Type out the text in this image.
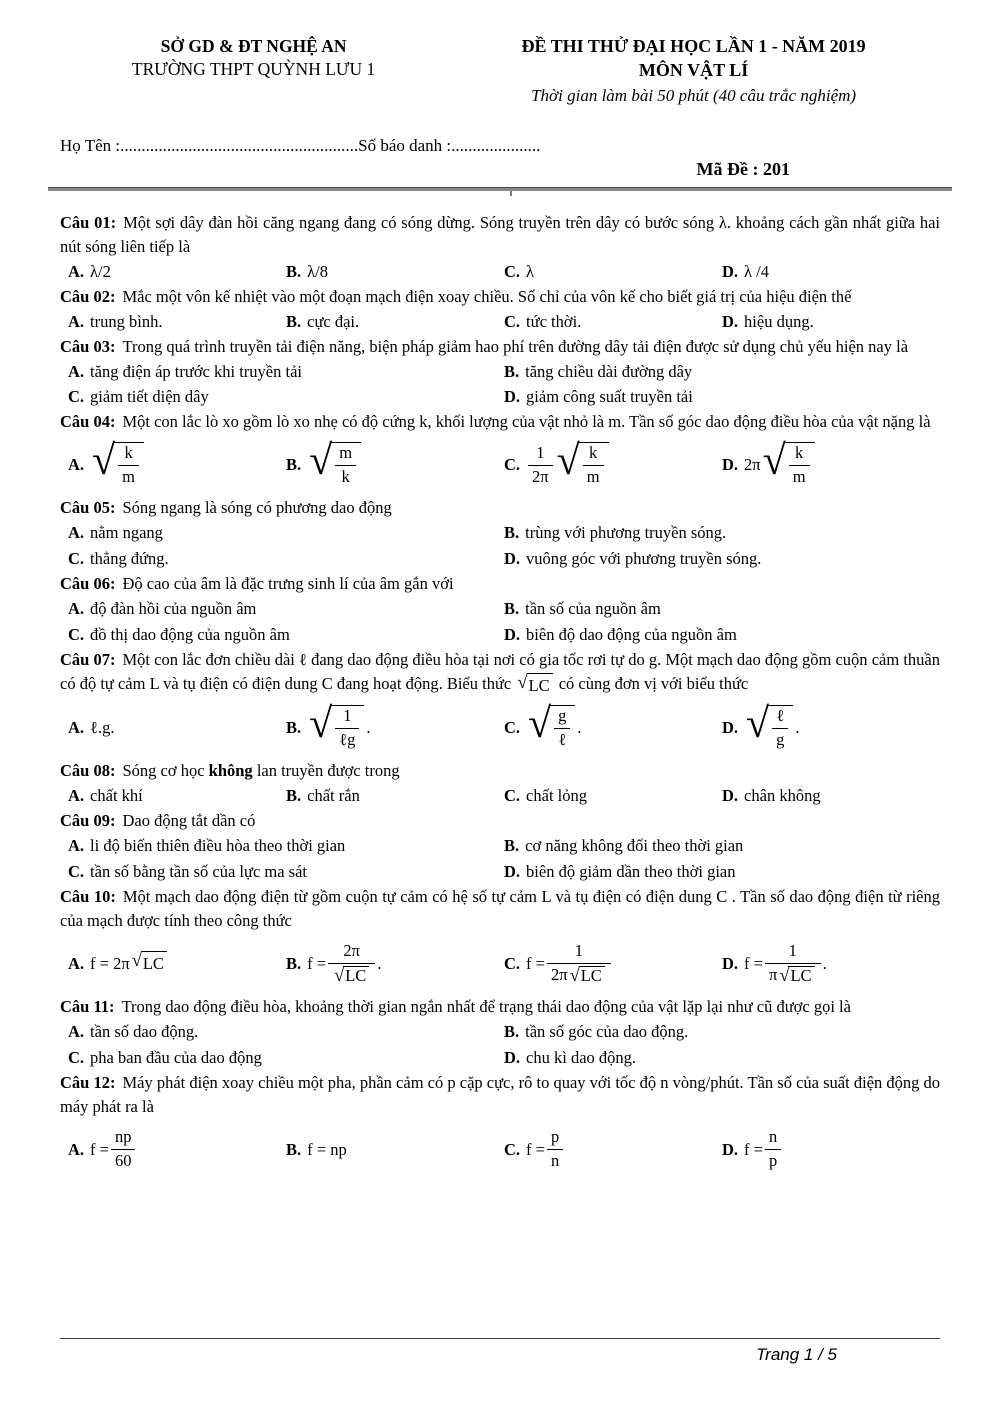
SỞ GD & ĐT NGHỆ AN
TRƯỜNG THPT QUỲNH LƯU 1
ĐỀ THI THỬ ĐẠI HỌC LẦN 1 - NĂM 2019
MÔN VẬT LÍ
Thời gian làm bài 50 phút (40 câu trắc nghiệm)
Họ Tên :........................................................Số báo danh :.....................
Mã Đề : 201

Câu 01: Một sợi dây đàn hồi căng ngang đang có sóng dừng. Sóng truyền trên dây có bước sóng λ. khoảng cách gần nhất giữa hai nút sóng liên tiếp là

A. λ/2	B. λ/8	C. λ	D. λ /4

Câu 02: Mắc một vôn kế nhiệt vào một đoạn mạch điện xoay chiều. Số chỉ của vôn kế cho biết giá trị của hiệu điện thế

A. trung bình.	B. cực đại.	C. tức thời.	D. hiệu dụng.

Câu 03: Trong quá trình truyền tải điện năng, biện pháp giảm hao phí trên đường dây tải điện được sử dụng chủ yếu hiện nay là

A. tăng điện áp trước khi truyền tải	B. tăng chiều dài đường dây
C. giảm tiết diện dây	D. giảm công suất truyền tải

Câu 04: Một con lắc lò xo gồm lò xo nhẹ có độ cứng k, khối lượng của vật nhỏ là m. Tần số góc dao động điều hòa của vật nặng là

A. √ $\frac{k}{m}$	B. √ $\frac{m}{k}$	C. $\frac{1}{2\pi}$ √ $\frac{k}{m}$	D. 2π √ $\frac{k}{m}$

Câu 05: Sóng ngang là sóng có phương dao động

A. nằm ngang	B. trùng với phương truyền sóng.
C. thẳng đứng.	D. vuông góc với phương truyền sóng.

Câu 06: Độ cao của âm là đặc trưng sinh lí của âm gắn với

A. độ đàn hồi của nguồn âm	B. tần số của nguồn âm
C. đồ thị dao động của nguồn âm	D. biên độ dao động của nguồn âm

Câu 07: Một con lắc đơn chiều dài ℓ đang dao động điều hòa tại nơi có gia tốc rơi tự do g. Một mạch dao động gồm cuộn cảm thuần có độ tự cảm L và tụ điện có điện dung C đang hoạt động. Biểu thức √ LC có cùng đơn vị với biểu thức

A. ℓ.g.	B. √ $\frac{1}{\text{ℓg}}$ .	C. √ $\frac{g}{\text{ℓ}}$ .	D. √ $\frac{\text{ℓ}}{g}$ .

Câu 08: Sóng cơ học không lan truyền được trong

A. chất khí	B. chất rắn	C. chất lỏng	D. chân không

Câu 09: Dao động tắt dần có

A. li độ biến thiên điều hòa theo thời gian	B. cơ năng không đổi theo thời gian
C. tần số bằng tần số của lực ma sát	D. biên độ giảm dần theo thời gian

Câu 10: Một mạch dao động điện từ gồm cuộn tự cảm có hệ số tự cảm L và tụ điện có điện dung C . Tần số dao động điện từ riêng của mạch được tính theo công thức

A. f = 2π √ LC	B. $f = \frac{2\pi}{√ LC}$ .	C. $f = \frac{1}{2\pi √ LC}$	D. $f = \frac{1}{\pi √ LC}$ .

Câu 11: Trong dao động điều hòa, khoảng thời gian ngắn nhất để trạng thái dao động của vật lặp lại như cũ được gọi là

A. tần số dao động.	B. tần số góc của dao động.
C. pha ban đầu của dao động	D. chu kì dao động.

Câu 12: Máy phát điện xoay chiều một pha, phần cảm có p cặp cực, rô to quay với tốc độ n vòng/phút. Tần số của suất điện động do máy phát ra là

A. $f = \frac{np}{60}$	B. f = np	C. $f = \frac{p}{n}$	D. $f = \frac{n}{p}$
Trang 1 / 5
